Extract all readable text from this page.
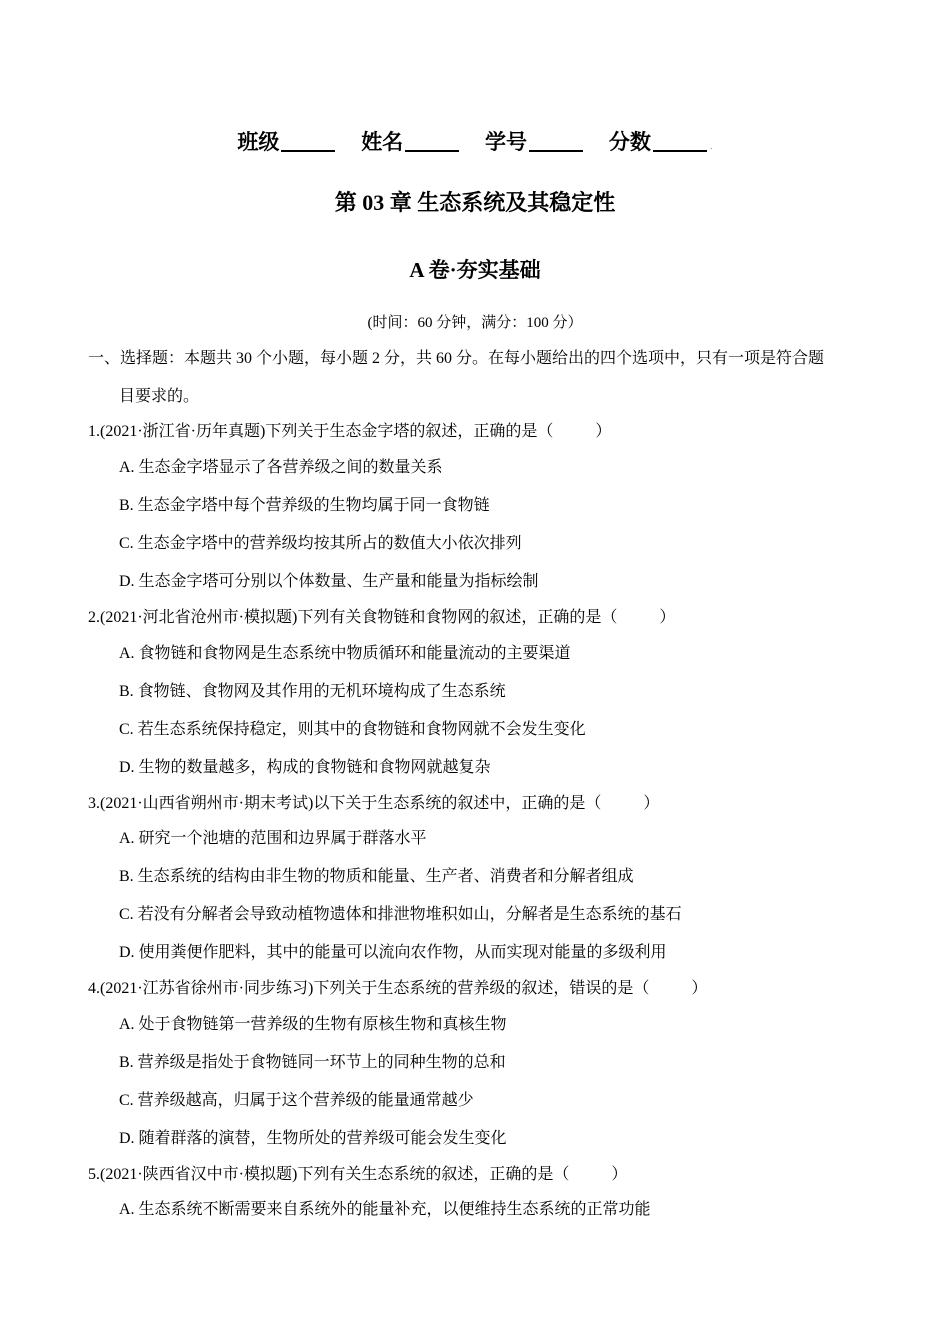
班级	姓名	学号	分数	.
第 03 章 生态系统及其稳定性
A 卷·夯实基础
(时间：60 分钟，满分：100 分）
一、选择题：本题共 30 个小题，每小题 2 分，共 60 分。在每小题给出的四个选项中，只有一项是符合题
目要求的。
1.(2021·浙江省·历年真题)下列关于生态金字塔的叙述，正确的是（	）
A. 生态金字塔显示了各营养级之间的数量关系
B. 生态金字塔中每个营养级的生物均属于同一食物链
C. 生态金字塔中的营养级均按其所占的数值大小依次排列
D. 生态金字塔可分别以个体数量、生产量和能量为指标绘制
2.(2021·河北省沧州市·模拟题)下列有关食物链和食物网的叙述，正确的是（	）
A. 食物链和食物网是生态系统中物质循环和能量流动的主要渠道
B. 食物链、食物网及其作用的无机环境构成了生态系统
C. 若生态系统保持稳定，则其中的食物链和食物网就不会发生变化
D. 生物的数量越多，构成的食物链和食物网就越复杂
3.(2021·山西省朔州市·期末考试)以下关于生态系统的叙述中，正确的是（	）
A. 研究一个池塘的范围和边界属于群落水平
B. 生态系统的结构由非生物的物质和能量、生产者、消费者和分解者组成
C. 若没有分解者会导致动植物遗体和排泄物堆积如山，分解者是生态系统的基石
D. 使用粪便作肥料，其中的能量可以流向农作物，从而实现对能量的多级利用
4.(2021·江苏省徐州市·同步练习)下列关于生态系统的营养级的叙述，错误的是（	）
A. 处于食物链第一营养级的生物有原核生物和真核生物
B. 营养级是指处于食物链同一环节上的同种生物的总和
C. 营养级越高，归属于这个营养级的能量通常越少
D. 随着群落的演替，生物所处的营养级可能会发生变化
5.(2021·陕西省汉中市·模拟题)下列有关生态系统的叙述，正确的是（	）
A. 生态系统不断需要来自系统外的能量补充，以便维持生态系统的正常功能
